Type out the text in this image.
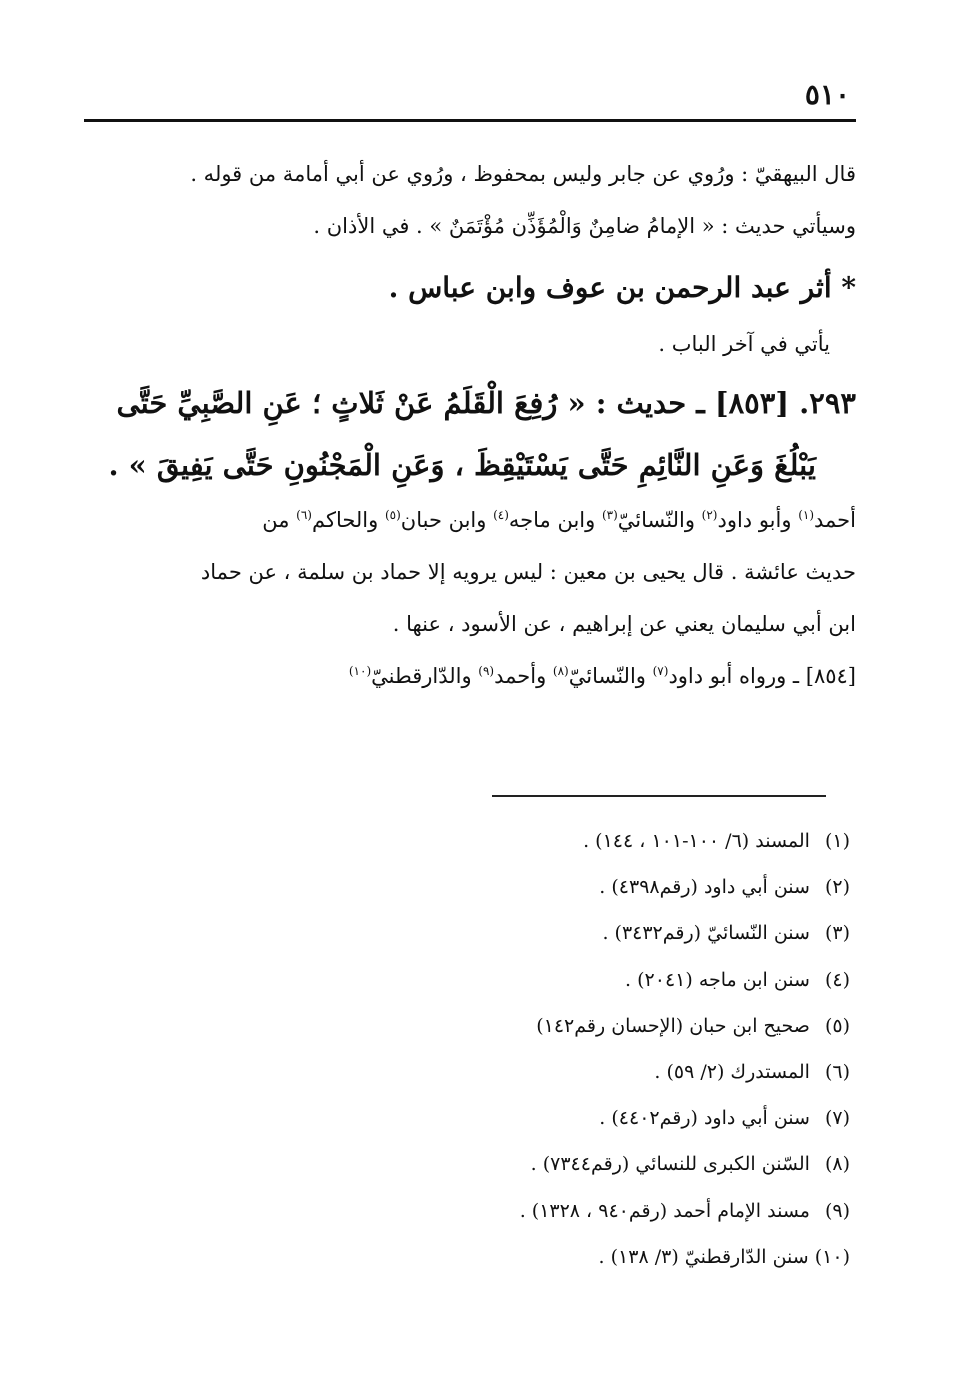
٥١٠
قال البيهقيّ : ورُوي عن جابر وليس بمحفوظ ، ورُوي عن أبي أمامة من قوله .
وسيأتي حديث : « الإمامُ ضامِنٌ وَالْمُؤَذِّن مُؤْتَمَنٌ » . في الأذان .
* أثر عبد الرحمن بن عوف وابن عباس .
يأتي في آخر الباب .
٢٩٣. [٨٥٣] ـ حديث : « رُفِعَ الْقَلَمُ عَنْ ثَلاثٍ ؛ عَنِ الصَّبِيِّ حَتَّى
يَبْلُغَ وَعَنِ النَّائِمِ حَتَّى يَسْتَيْقِظَ ، وَعَنِ الْمَجْنُونِ حَتَّى يَفِيقَ » .
أحمد$^{(١)}$ وأبو داود$^{(٢)}$ والنّسائيّ$^{(٣)}$ وابن ماجه$^{(٤)}$ وابن حبان$^{(٥)}$ والحاكم$^{(٦)}$ من
حديث عائشة . قال يحيى بن معين : ليس يرويه إلا حماد بن سلمة ، عن حماد
ابن أبي سليمان يعني عن إبراهيم ، عن الأسود ، عنها .
[٨٥٤] ـ ورواه أبو داود$^{(٧)}$ والنّسائيّ$^{(٨)}$ وأحمد$^{(٩)}$ والدّارقطنيّ$^{(١٠)}$
(١) المسند (٦/ ١٠٠-١٠١ ، ١٤٤) .
(٢) سنن أبي داود (رقم٤٣٩٨) .
(٣) سنن النّسائيّ (رقم٣٤٣٢) .
(٤) سنن ابن ماجه (٢٠٤١) .
(٥) صحيح ابن حبان (الإحسان رقم١٤٢)
(٦) المستدرك (٢/ ٥٩) .
(٧) سنن أبي داود (رقم٤٤٠٢) .
(٨) السّنن الكبرى للنسائي (رقم٧٣٤٤) .
(٩) مسند الإمام أحمد (رقم٩٤٠ ، ١٣٢٨) .
(١٠) سنن الدّارقطنيّ (٣/ ١٣٨) .
